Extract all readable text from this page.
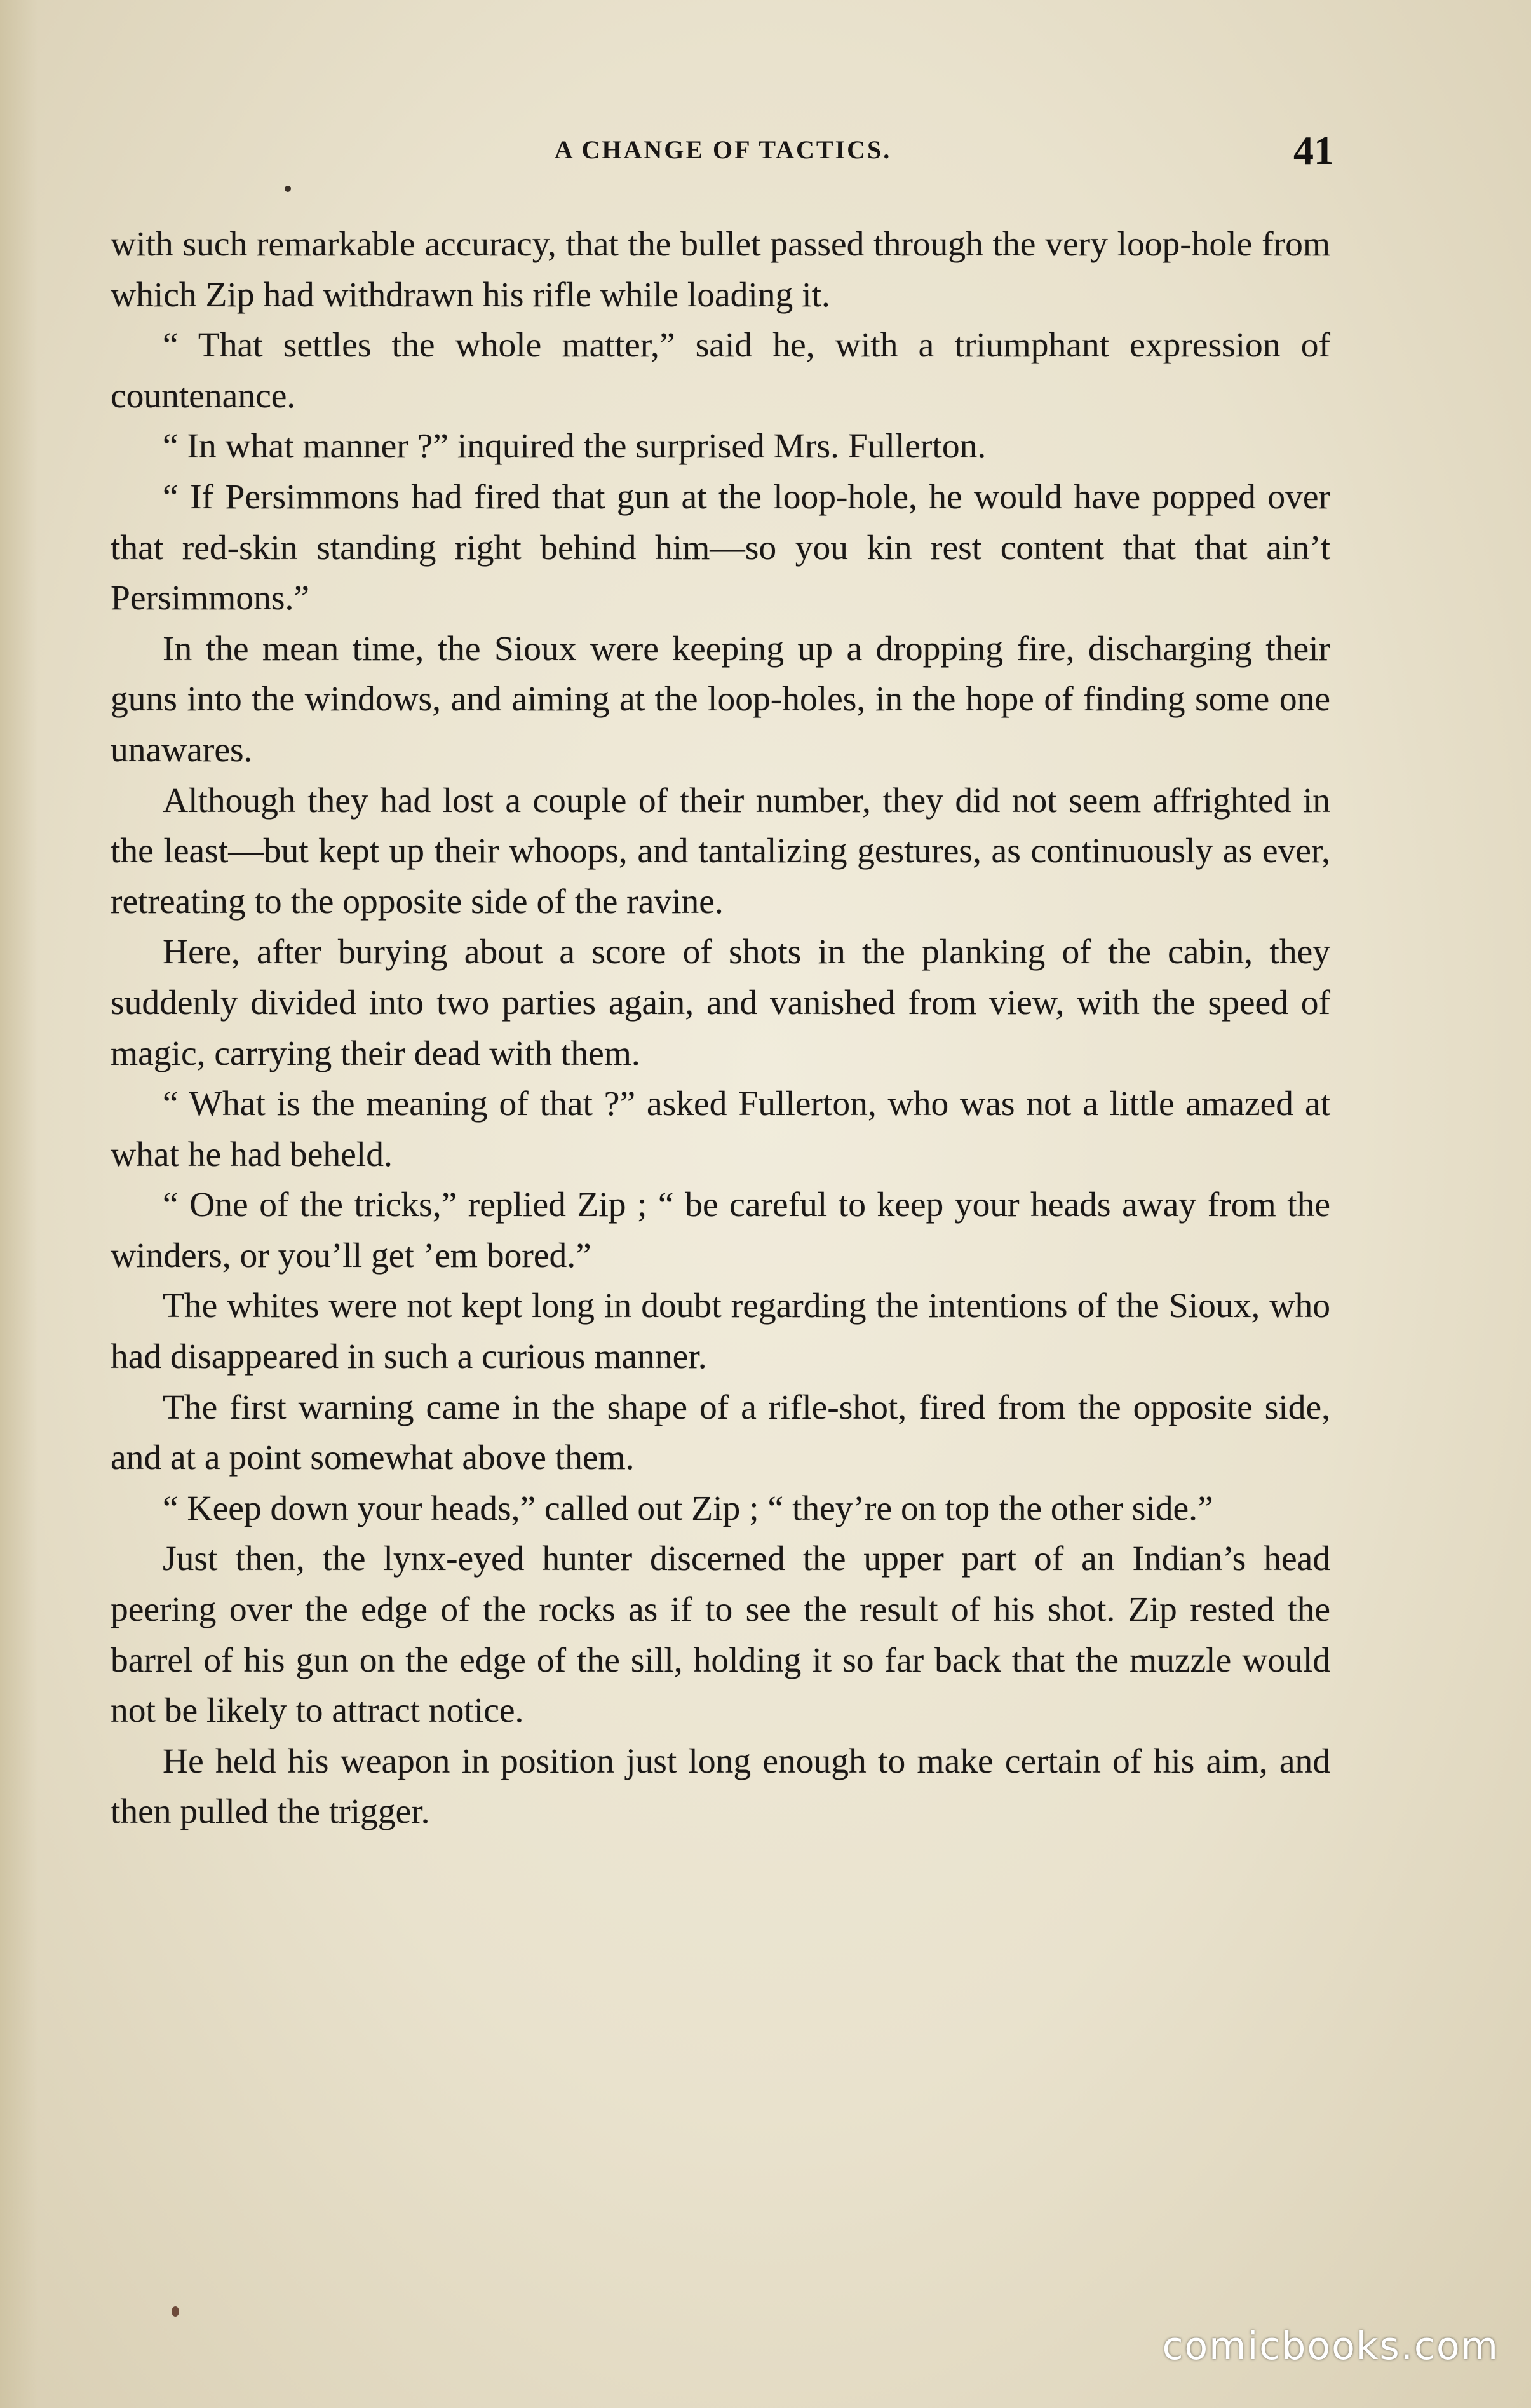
A CHANGE OF TACTICS.	41

with such remarkable accuracy, that the bullet passed through the very loop-hole from which Zip had withdrawn his rifle while loading it.

“ That settles the whole matter,” said he, with a triumphant expression of countenance.

“ In what manner ?” inquired the surprised Mrs. Fullerton.

“ If Persimmons had fired that gun at the loop-hole, he would have popped over that red-skin standing right behind him—so you kin rest content that that ain’t Persimmons.”

In the mean time, the Sioux were keeping up a dropping fire, discharging their guns into the windows, and aiming at the loop-holes, in the hope of finding some one unawares.

Although they had lost a couple of their number, they did not seem affrighted in the least—but kept up their whoops, and tantalizing gestures, as continuously as ever, retreating to the opposite side of the ravine.

Here, after burying about a score of shots in the planking of the cabin, they suddenly divided into two parties again, and vanished from view, with the speed of magic, carrying their dead with them.

“ What is the meaning of that ?” asked Fullerton, who was not a little amazed at what he had beheld.

“ One of the tricks,” replied Zip ; “ be careful to keep your heads away from the winders, or you’ll get ’em bored.”

The whites were not kept long in doubt regarding the intentions of the Sioux, who had disappeared in such a curious manner.

The first warning came in the shape of a rifle-shot, fired from the opposite side, and at a point somewhat above them.

“ Keep down your heads,” called out Zip ; “ they’re on top the other side.”

Just then, the lynx-eyed hunter discerned the upper part of an Indian’s head peering over the edge of the rocks as if to see the result of his shot. Zip rested the barrel of his gun on the edge of the sill, holding it so far back that the muzzle would not be likely to attract notice.

He held his weapon in position just long enough to make certain of his aim, and then pulled the trigger.

comicbooks.com
